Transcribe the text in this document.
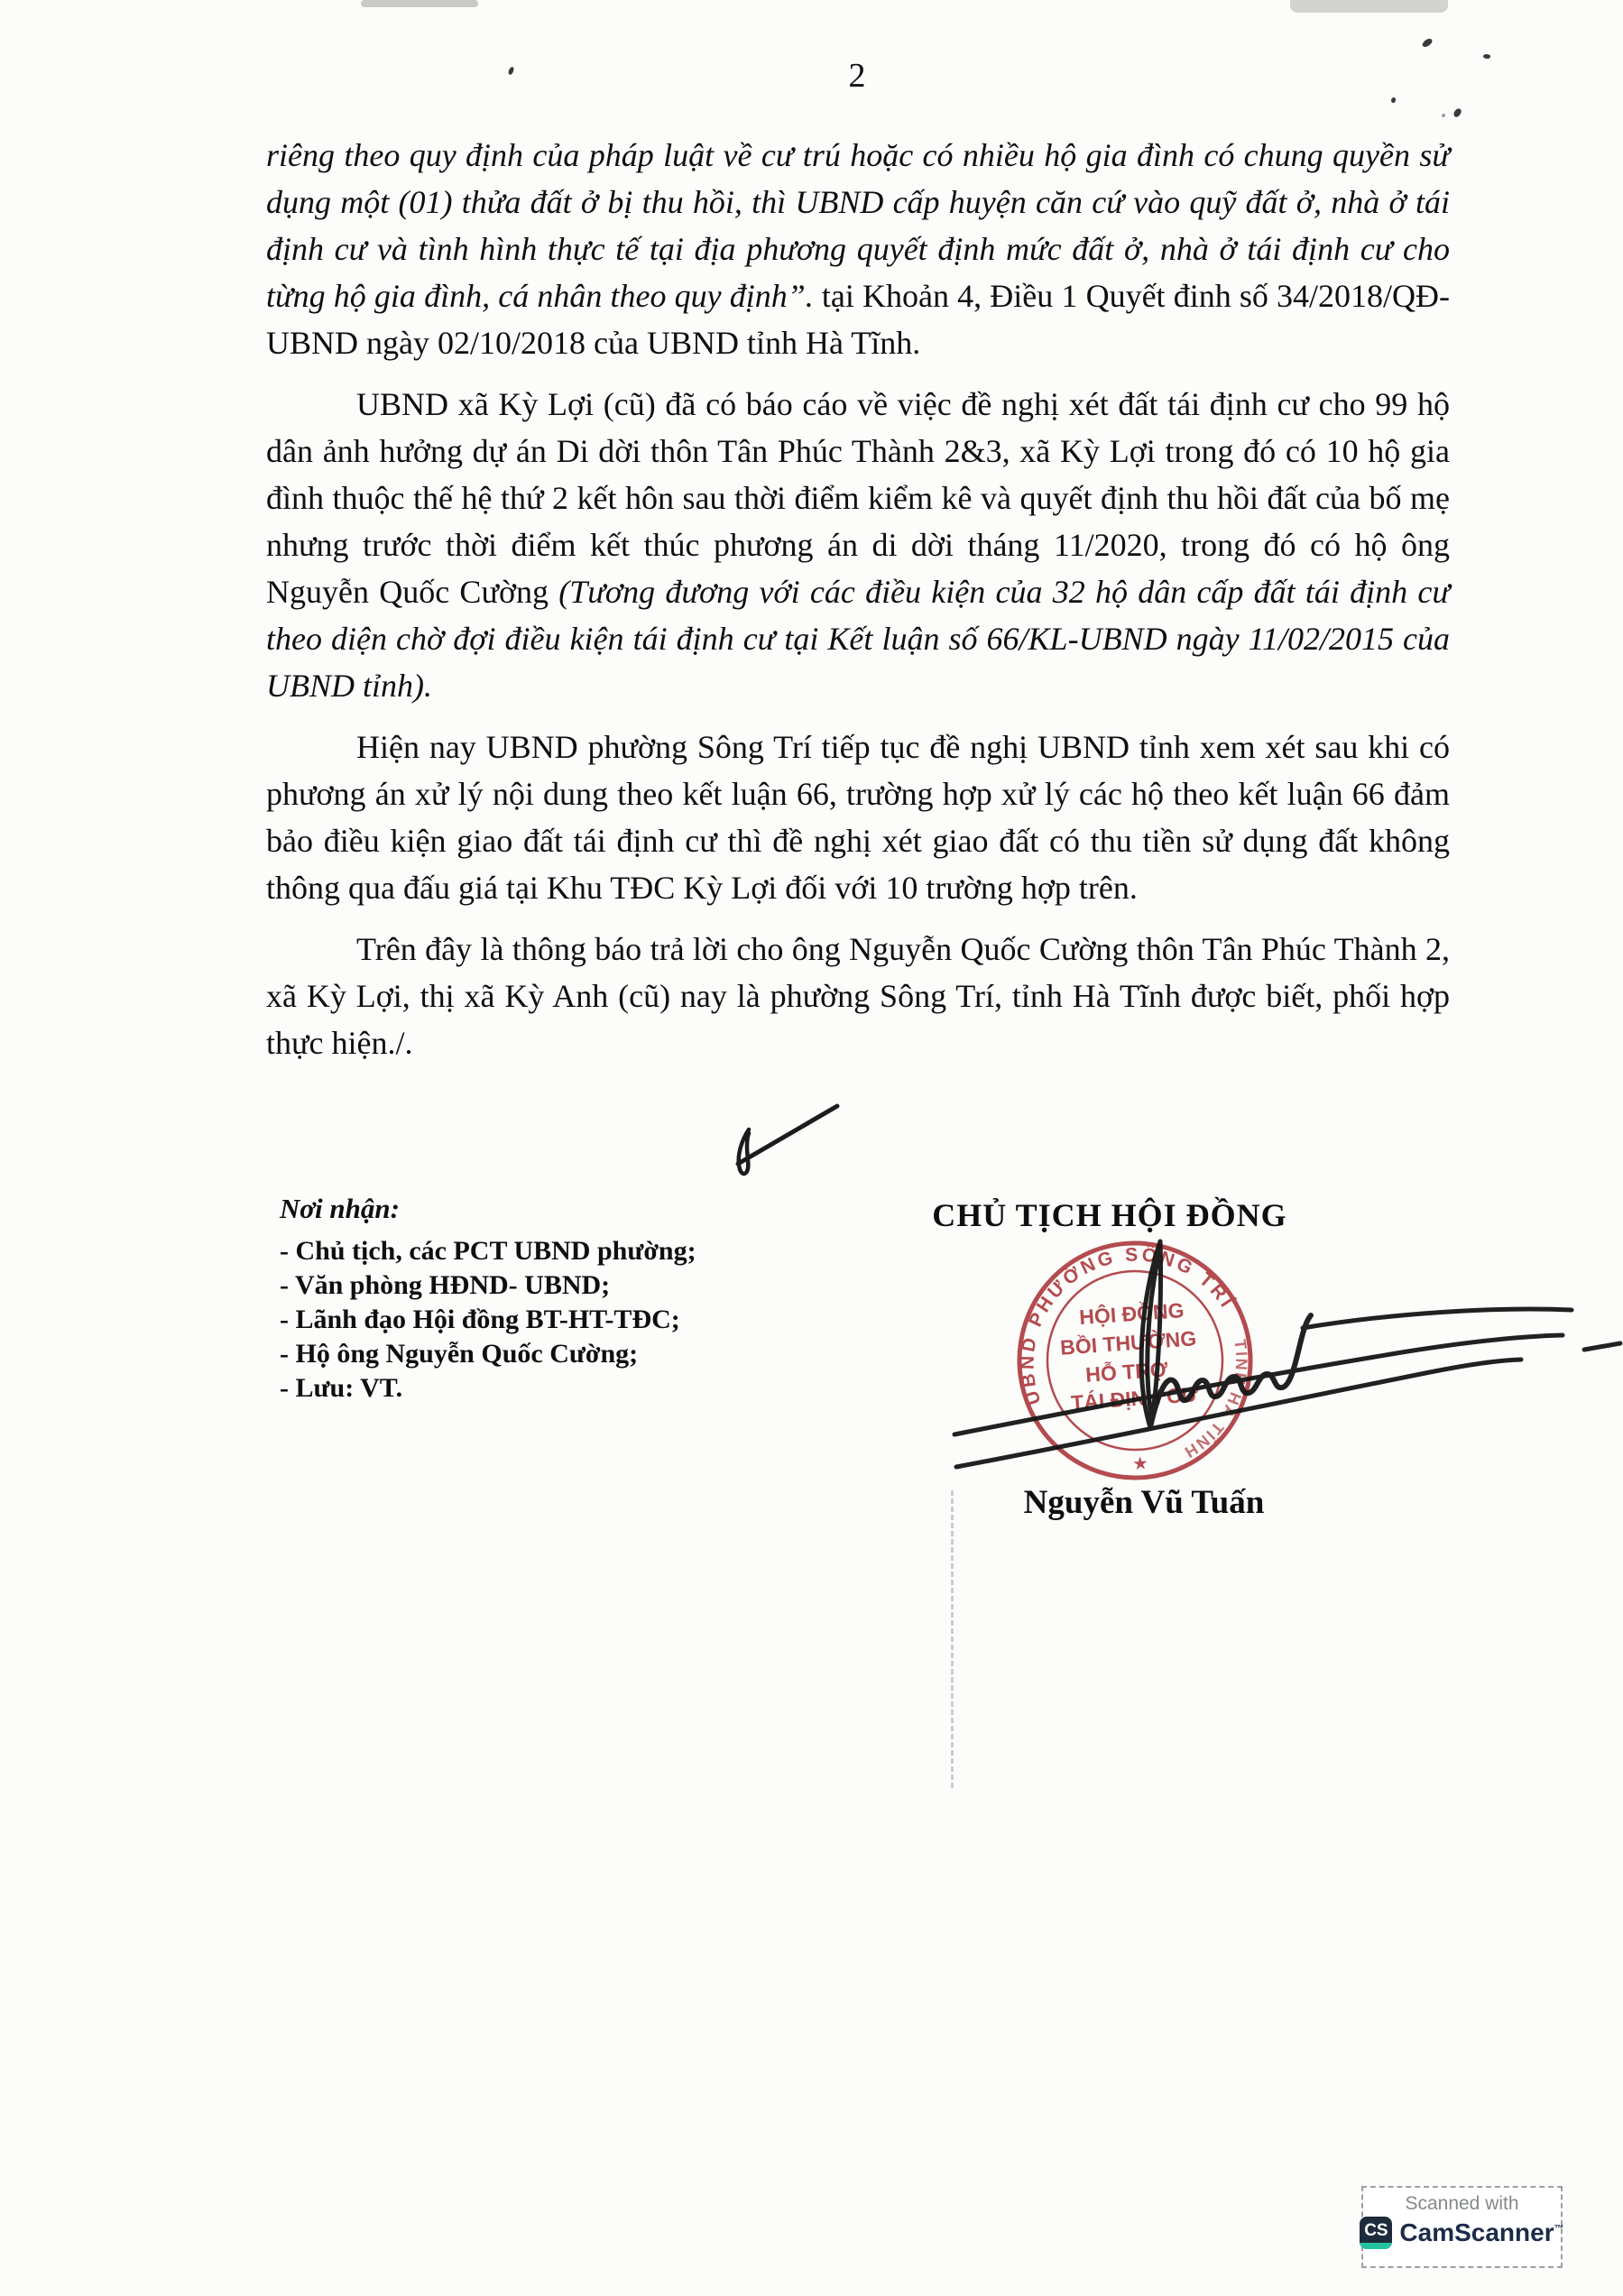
2
riêng theo quy định của pháp luật về cư trú hoặc có nhiều hộ gia đình có chung quyền sử dụng một (01) thửa đất ở bị thu hồi, thì UBND cấp huyện căn cứ vào quỹ đất ở, nhà ở tái định cư và tình hình thực tế tại địa phương quyết định mức đất ở, nhà ở tái định cư cho từng hộ gia đình, cá nhân theo quy định”. tại Khoản 4, Điều 1 Quyết đinh số 34/2018/QĐ-UBND ngày 02/10/2018 của UBND tỉnh Hà Tĩnh.
UBND xã Kỳ Lợi (cũ) đã có báo cáo về việc đề nghị xét đất tái định cư cho 99 hộ dân ảnh hưởng dự án Di dời thôn Tân Phúc Thành 2&3, xã Kỳ Lợi trong đó có 10 hộ gia đình thuộc thế hệ thứ 2 kết hôn sau thời điểm kiểm kê và quyết định thu hồi đất của bố mẹ nhưng trước thời điểm kết thúc phương án di dời tháng 11/2020, trong đó có hộ ông Nguyễn Quốc Cường (Tương đương với các điều kiện của 32 hộ dân cấp đất tái định cư theo diện chờ đợi điều kiện tái định cư tại Kết luận số 66/KL-UBND ngày 11/02/2015 của UBND tỉnh).
Hiện nay UBND phường Sông Trí tiếp tục đề nghị UBND tỉnh xem xét sau khi có phương án xử lý nội dung theo kết luận 66, trường hợp xử lý các hộ theo kết luận 66 đảm bảo điều kiện giao đất tái định cư thì đề nghị xét giao đất có thu tiền sử dụng đất không thông qua đấu giá tại Khu TĐC Kỳ Lợi đối với 10 trường hợp trên.
Trên đây là thông báo trả lời cho ông Nguyễn Quốc Cường thôn Tân Phúc Thành 2, xã Kỳ Lợi, thị xã Kỳ Anh (cũ) nay là phường Sông Trí, tỉnh Hà Tĩnh được biết, phối hợp thực hiện./.
Nơi nhận:
- Chủ tịch, các PCT UBND phường;
- Văn phòng HĐND- UBND;
- Lãnh đạo Hội đồng BT-HT-TĐC;
- Hộ ông Nguyễn Quốc Cường;
- Lưu: VT.
CHỦ TỊCH HỘI ĐỒNG
UBND PHƯỜNG SÔNG TRÍ
TỈNH HÀ TĨNH
HỘI ĐỒNG
BỒI THƯỜNG
HỖ TRỢ
TÁI ĐỊNH CƯ
★
Nguyễn Vũ Tuấn
Scanned with
CS CamScanner™
